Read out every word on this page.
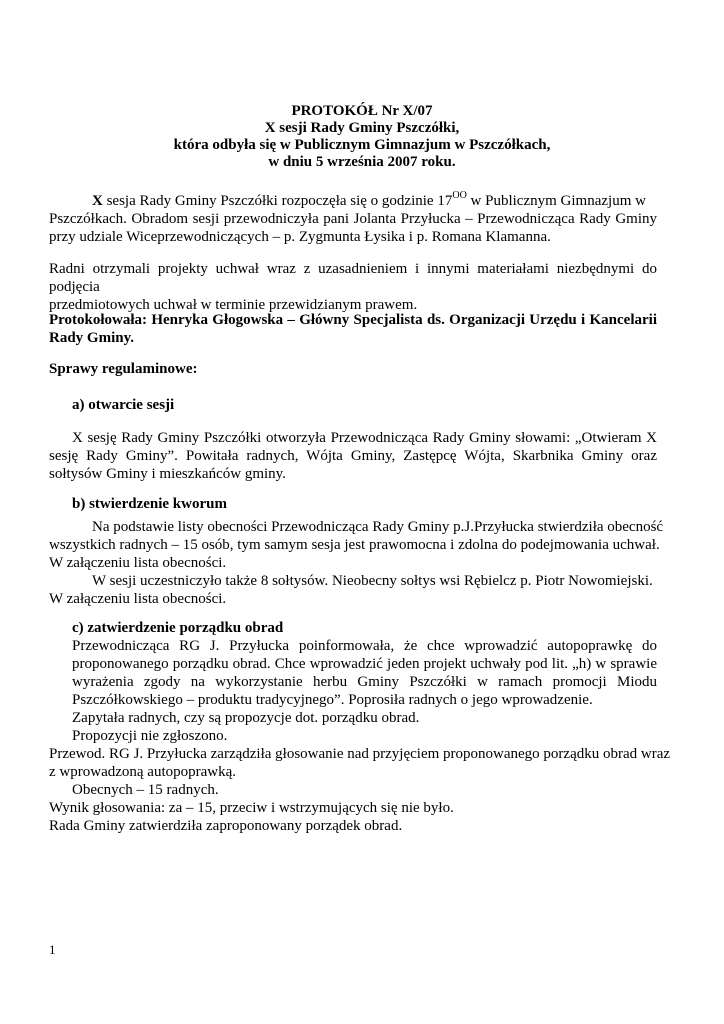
PROTOKÓŁ Nr X/07
X sesji Rady Gminy Pszczółki,
która odbyła się w Publicznym Gimnazjum w Pszczółkach,
w dniu 5 września 2007 roku.
X sesja Rady Gminy Pszczółki rozpoczęła się o godzinie $17^{OO}$ w Publicznym Gimnazjum w
Pszczółkach. Obradom sesji przewodniczyła pani Jolanta Przyłucka – Przewodnicząca Rady Gminy
przy udziale Wiceprzewodniczących – p. Zygmunta Łysika i p. Romana Klamanna.
Radni otrzymali projekty uchwał wraz z uzasadnieniem i innymi materiałami niezbędnymi do podjęcia
przedmiotowych uchwał w terminie przewidzianym prawem.
Protokołowała: Henryka Głogowska – Główny Specjalista ds. Organizacji Urzędu i Kancelarii
Rady Gminy.
Sprawy regulaminowe:
a) otwarcie sesji
X sesję Rady Gminy Pszczółki otworzyła Przewodnicząca Rady Gminy słowami: „Otwieram X
sesję Rady Gminy”. Powitała radnych, Wójta Gminy, Zastępcę Wójta, Skarbnika Gminy oraz
sołtysów Gminy i mieszkańców gminy.
b) stwierdzenie kworum
Na podstawie listy obecności Przewodnicząca Rady Gminy p.J.Przyłucka stwierdziła obecność
wszystkich radnych – 15 osób, tym samym sesja jest prawomocna i zdolna do podejmowania uchwał.
W załączeniu lista obecności.
W sesji uczestniczyło także 8 sołtysów. Nieobecny sołtys wsi Rębielcz p. Piotr Nowomiejski.
W załączeniu lista obecności.
c) zatwierdzenie porządku obrad
Przewodnicząca RG J. Przyłucka poinformowała, że chce wprowadzić autopoprawkę do
proponowanego porządku obrad. Chce wprowadzić jeden projekt uchwały pod lit. „h) w sprawie
wyrażenia zgody na wykorzystanie herbu Gminy Pszczółki w ramach promocji Miodu
Pszczółkowskiego – produktu tradycyjnego”. Poprosiła radnych o jego wprowadzenie.
Zapytała radnych, czy są propozycje dot. porządku obrad.
Propozycji nie zgłoszono.
Przewod. RG J. Przyłucka zarządziła głosowanie nad przyjęciem proponowanego porządku obrad wraz
z wprowadzoną autopoprawką.
Obecnych – 15 radnych.
Wynik głosowania: za – 15, przeciw i wstrzymujących się nie było.
Rada Gminy zatwierdziła zaproponowany porządek obrad.
1
